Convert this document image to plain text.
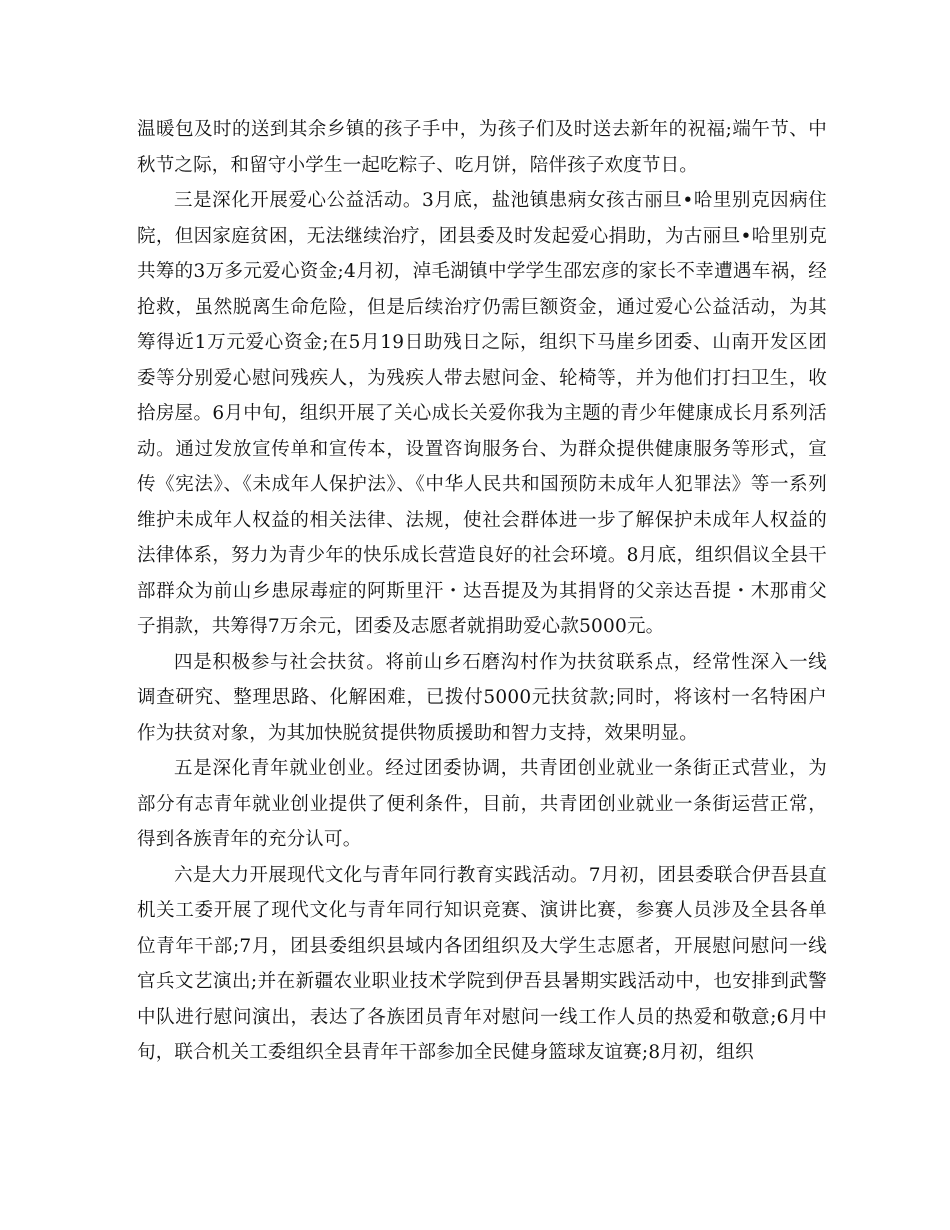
温暖包及时的送到其余乡镇的孩子手中，为孩子们及时送去新年的祝福;端午节、中秋节之际，和留守小学生一起吃粽子、吃月饼，陪伴孩子欢度节日。

三是深化开展爱心公益活动。3月底，盐池镇患病女孩古丽旦•哈里别克因病住院，但因家庭贫困，无法继续治疗，团县委及时发起爱心捐助，为古丽旦•哈里别克共筹的3万多元爱心资金;4月初，淖毛湖镇中学学生邵宏彦的家长不幸遭遇车祸，经抢救，虽然脱离生命危险，但是后续治疗仍需巨额资金，通过爱心公益活动，为其筹得近1万元爱心资金;在5月19日助残日之际，组织下马崖乡团委、山南开发区团委等分别爱心慰问残疾人，为残疾人带去慰问金、轮椅等，并为他们打扫卫生，收拾房屋。6月中旬，组织开展了关心成长关爱你我为主题的青少年健康成长月系列活动。通过发放宣传单和宣传本，设置咨询服务台、为群众提供健康服务等形式，宣传《宪法》、《未成年人保护法》、《中华人民共和国预防未成年人犯罪法》等一系列维护未成年人权益的相关法律、法规，使社会群体进一步了解保护未成年人权益的法律体系，努力为青少年的快乐成长营造良好的社会环境。8月底，组织倡议全县干部群众为前山乡患尿毒症的阿斯里汗・达吾提及为其捐肾的父亲达吾提・木那甫父子捐款，共筹得7万余元，团委及志愿者就捐助爱心款5000元。

四是积极参与社会扶贫。将前山乡石磨沟村作为扶贫联系点，经常性深入一线调查研究、整理思路、化解困难，已拨付5000元扶贫款;同时，将该村一名特困户作为扶贫对象，为其加快脱贫提供物质援助和智力支持，效果明显。

五是深化青年就业创业。经过团委协调，共青团创业就业一条街正式营业，为部分有志青年就业创业提供了便利条件，目前，共青团创业就业一条街运营正常，得到各族青年的充分认可。

六是大力开展现代文化与青年同行教育实践活动。7月初，团县委联合伊吾县直机关工委开展了现代文化与青年同行知识竞赛、演讲比赛，参赛人员涉及全县各单位青年干部;7月，团县委组织县域内各团组织及大学生志愿者，开展慰问慰问一线官兵文艺演出;并在新疆农业职业技术学院到伊吾县暑期实践活动中，也安排到武警中队进行慰问演出，表达了各族团员青年对慰问一线工作人员的热爱和敬意;6月中旬，联合机关工委组织全县青年干部参加全民健身篮球友谊赛;8月初，组织
